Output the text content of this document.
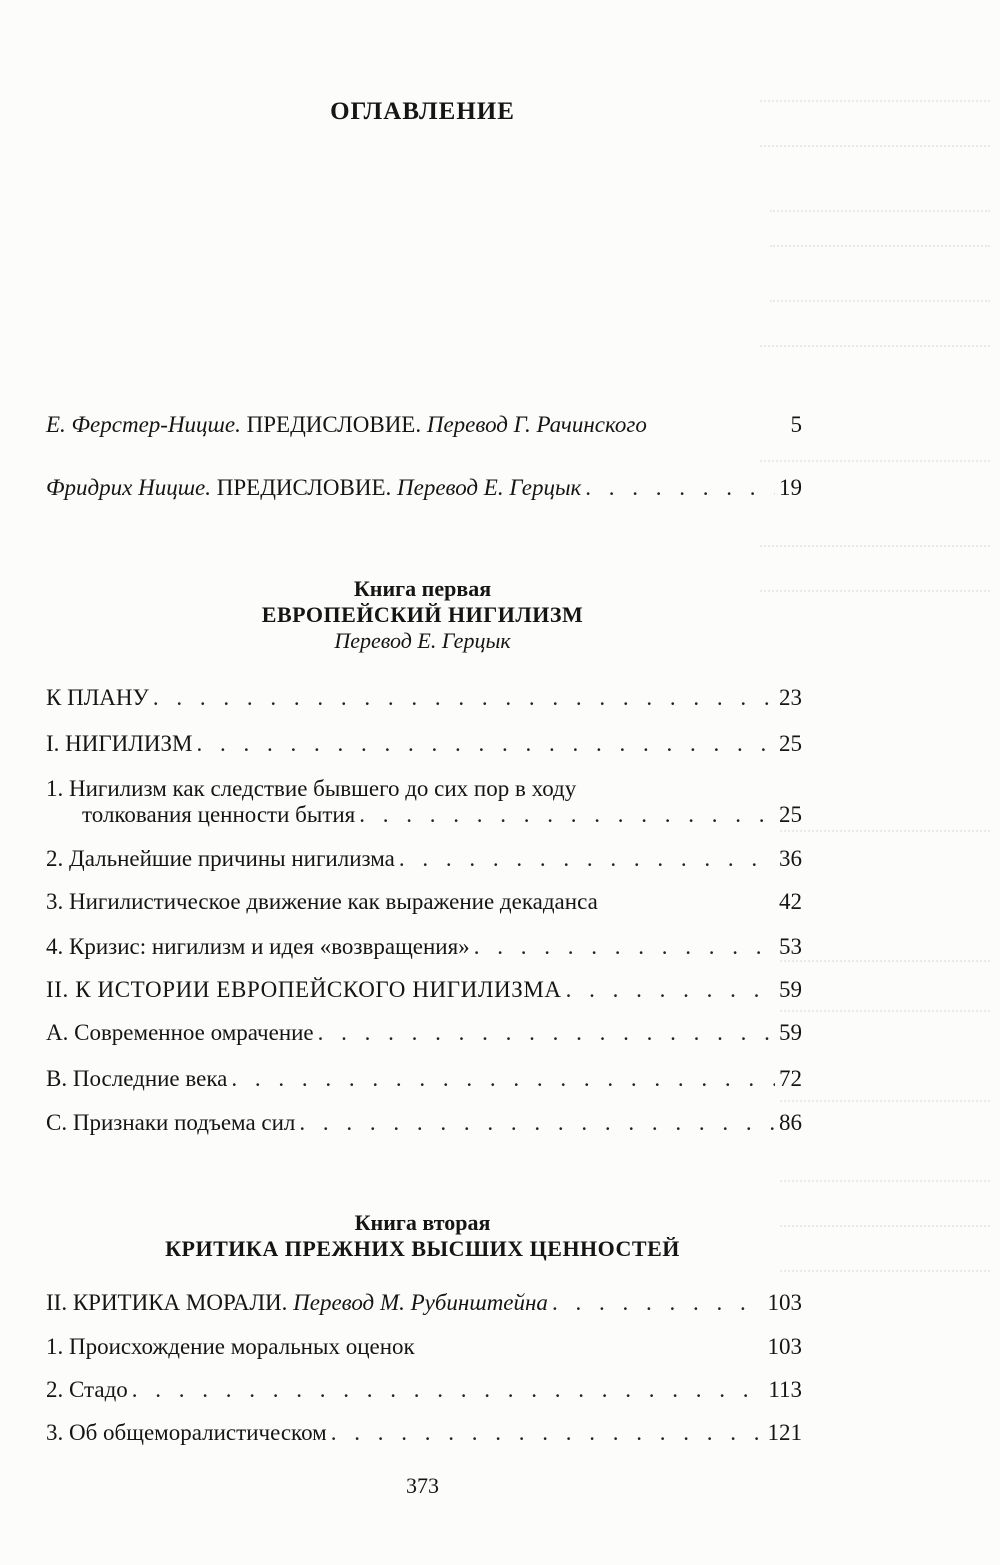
ОГЛАВЛЕНИЕ
Е. Ферстер-Ницше. ПРЕДИСЛОВИЕ. Перевод Г. Рачинского	5
Фридрих Ницше. ПРЕДИСЛОВИЕ. Перевод Е. Герцык . . .	19
Книга первая
ЕВРОПЕЙСКИЙ НИГИЛИЗМ
Перевод Е. Герцык
К ПЛАНУ . . .	23
I. НИГИЛИЗМ . . .	25
1. Нигилизм как следствие бывшего до сих пор в ходу
толкования ценности бытия . . .	25
2. Дальнейшие причины нигилизма . . .	36
3. Нигилистическое движение как выражение декаданса	42
4. Кризис: нигилизм и идея «возвращения» . . .	53
II. К ИСТОРИИ ЕВРОПЕЙСКОГО НИГИЛИЗМА . . .	59
A. Современное омрачение . . .	59
B. Последние века . . .	72
C. Признаки подъема сил . . .	86
Книга вторая
КРИТИКА ПРЕЖНИХ ВЫСШИХ ЦЕННОСТЕЙ
II. КРИТИКА МОРАЛИ. Перевод М. Рубинштейна . . .	103
1. Происхождение моральных оценок	103
2. Стадо . . .	113
3. Об общеморалистическом . . .	121
373
